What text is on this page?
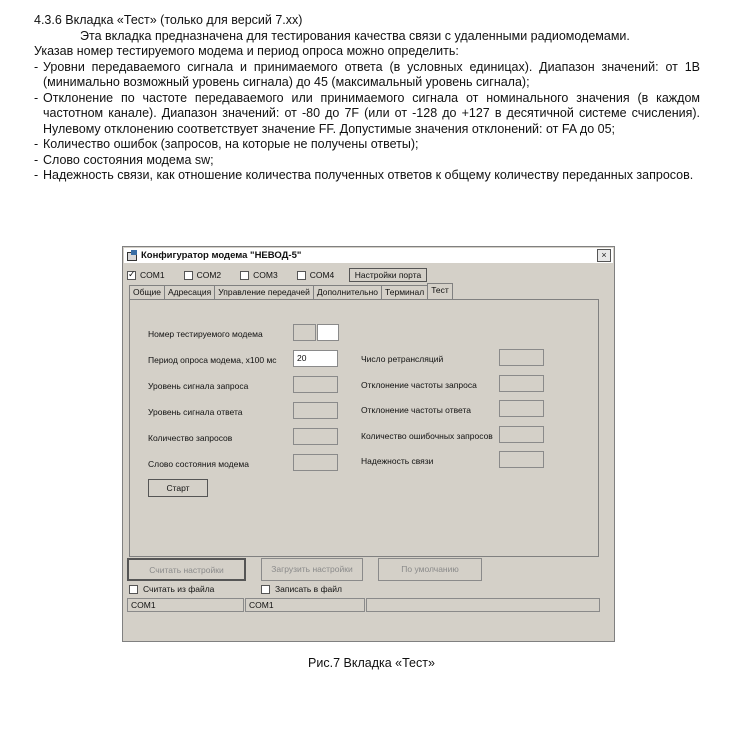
4.3.6 Вкладка «Тест» (только для версий 7.хх)

Эта вкладка предназначена для тестирования качества связи с удаленными радиомодемами.

Указав номер тестируемого модема и период опроса можно определить:

- Уровни передаваемого сигнала и принимаемого ответа (в условных единицах). Диапазон значений: от 1В (минимально возможный уровень сигнала) до 45 (максимальный уровень сигнала);
- Отклонение по частоте передаваемого или принимаемого сигнала от номинального значения (в каждом частотном канале). Диапазон значений: от -80 до 7F (или от -128 до +127 в десятичной системе счисления). Нулевому отклонению соответствует значение FF. Допустимые значения отклонений: от FA до 05;
- Количество ошибок (запросов, на которые не получены ответы);
- Слово состояния модема sw;
- Надежность связи, как отношение количества полученных ответов к общему количеству переданных запросов.
Конфигуратор модема "НЕВОД-5"	×
✓
COM1	COM2	COM3	COM4	Настройки порта
Общие Адресация Управление передачей Дополнительно Терминал Тест
Номер тестируемого модема
Период опроса модема, х100 мс	20
Уровень сигнала запроса
Уровень сигнала ответа
Количество запросов
Слово состояния модема
Число ретрансляций
Отклонение частоты запроса
Отклонение частоты ответа
Количество ошибочных запросов
Надежность связи
Старт
Считать настройки	Загрузить настройки	По умолчанию
Считать из файла	Записать в файл
COM1	COM1
Рис.7 Вкладка «Тест»
